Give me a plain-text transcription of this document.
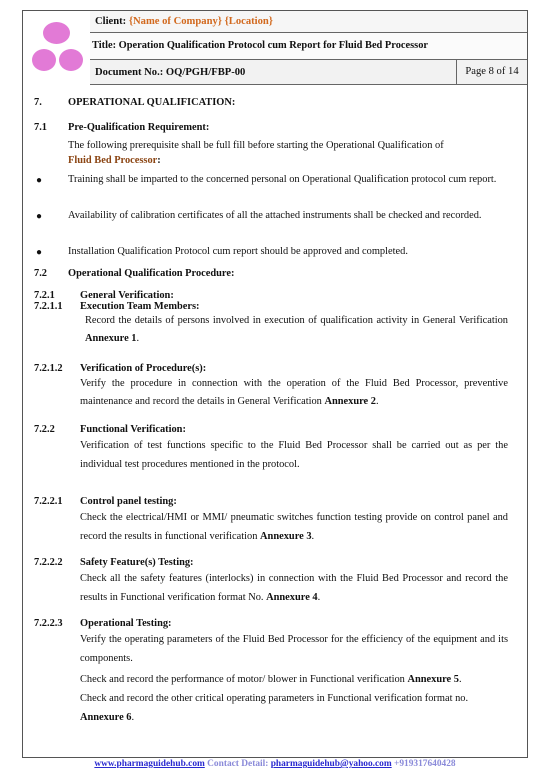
Client: {Name of Company} {Location}
Title: Operation Qualification Protocol cum Report for Fluid Bed Processor
Document No.: OQ/PGH/FBP-00	Page 8 of 14
7.	OPERATIONAL QUALIFICATION:
7.1 Pre-Qualification Requirement:
The following prerequisite shall be full fill before starting the Operational Qualification of
Fluid Bed Processor:
● Training shall be imparted to the concerned personal on Operational Qualification protocol cum report.
● Availability of calibration certificates of all the attached instruments shall be checked and recorded.
● Installation Qualification Protocol cum report should be approved and completed.
7.2 Operational Qualification Procedure:
7.2.1 General Verification:
7.2.1.1 Execution Team Members:
Record the details of persons involved in execution of qualification activity in General Verification Annexure 1.
7.2.1.2 Verification of Procedure(s):
Verify the procedure in connection with the operation of the Fluid Bed Processor, preventive maintenance and record the details in General Verification Annexure 2.
7.2.2 Functional Verification:
Verification of test functions specific to the Fluid Bed Processor shall be carried out as per the individual test procedures mentioned in the protocol.
7.2.2.1 Control panel testing:
Check the electrical/HMI or MMI/ pneumatic switches function testing provide on control panel and record the results in functional verification Annexure 3.
7.2.2.2 Safety Feature(s) Testing:
Check all the safety features (interlocks) in connection with the Fluid Bed Processor and record the results in Functional verification format No. Annexure 4.
7.2.2.3 Operational Testing:
Verify the operating parameters of the Fluid Bed Processor for the efficiency of the equipment and its components.
Check and record the performance of motor/ blower in Functional verification Annexure 5.
Check and record the other critical operating parameters in Functional verification format no.
Annexure 6.
www.pharmaguidehub.com Contact Detail: pharmaguidehub@yahoo.com +919317640428
